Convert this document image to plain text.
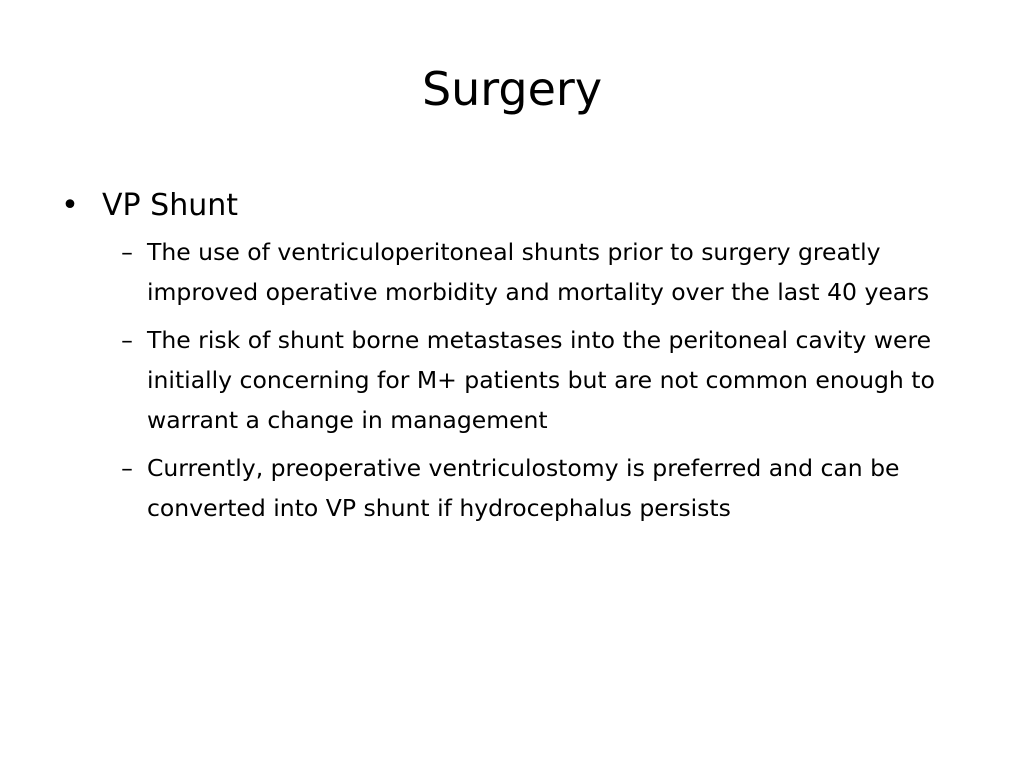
Surgery
• VP Shunt
– The use of ventriculoperitoneal shunts prior to surgery greatly improved operative morbidity and mortality over the last 40 years
– The risk of shunt borne metastases into the peritoneal cavity were initially concerning for M+ patients but are not common enough to warrant a change in management
– Currently, preoperative ventriculostomy is preferred and can be converted into VP shunt if hydrocephalus persists
